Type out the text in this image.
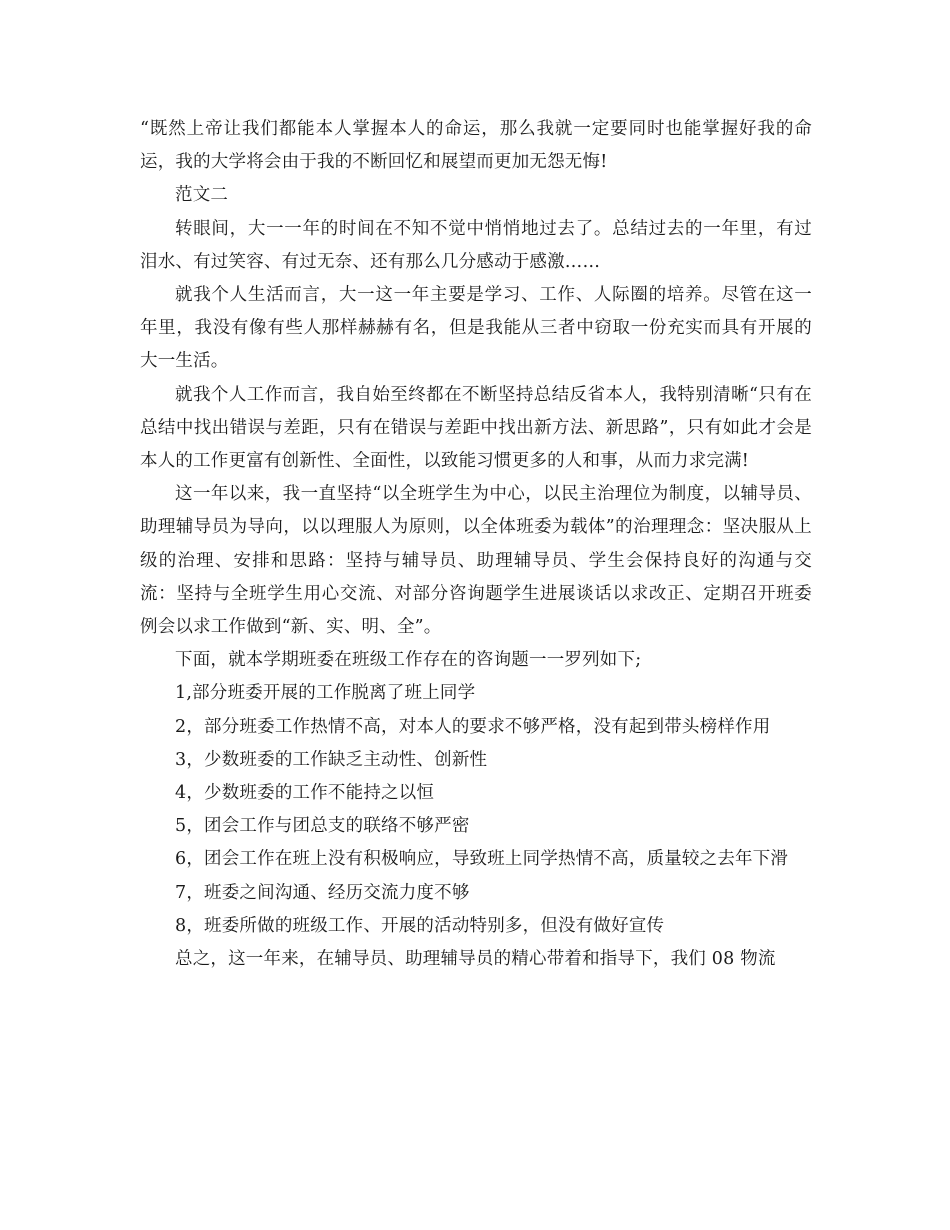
“既然上帝让我们都能本人掌握本人的命运，那么我就一定要同时也能掌握好我的命运，我的大学将会由于我的不断回忆和展望而更加无怨无悔!

范文二

转眼间，大一一年的时间在不知不觉中悄悄地过去了。总结过去的一年里，有过泪水、有过笑容、有过无奈、还有那么几分感动于感激……

就我个人生活而言，大一这一年主要是学习、工作、人际圈的培养。尽管在这一年里，我没有像有些人那样赫赫有名，但是我能从三者中窃取一份充实而具有开展的大一生活。

就我个人工作而言，我自始至终都在不断坚持总结反省本人，我特别清晰“只有在总结中找出错误与差距，只有在错误与差距中找出新方法、新思路”，只有如此才会是本人的工作更富有创新性、全面性，以致能习惯更多的人和事，从而力求完满!

这一年以来，我一直坚持“以全班学生为中心，以民主治理位为制度，以辅导员、助理辅导员为导向，以以理服人为原则，以全体班委为载体”的治理理念：坚决服从上级的治理、安排和思路：坚持与辅导员、助理辅导员、学生会保持良好的沟通与交流：坚持与全班学生用心交流、对部分咨询题学生进展谈话以求改正、定期召开班委例会以求工作做到“新、实、明、全”。

下面，就本学期班委在班级工作存在的咨询题一一罗列如下;

1,部分班委开展的工作脱离了班上同学

2，部分班委工作热情不高，对本人的要求不够严格，没有起到带头榜样作用

3，少数班委的工作缺乏主动性、创新性

4，少数班委的工作不能持之以恒

5，团会工作与团总支的联络不够严密

6，团会工作在班上没有积极响应，导致班上同学热情不高，质量较之去年下滑

7，班委之间沟通、经历交流力度不够

8，班委所做的班级工作、开展的活动特别多，但没有做好宣传

总之，这一年来，在辅导员、助理辅导员的精心带着和指导下，我们 08 物流
